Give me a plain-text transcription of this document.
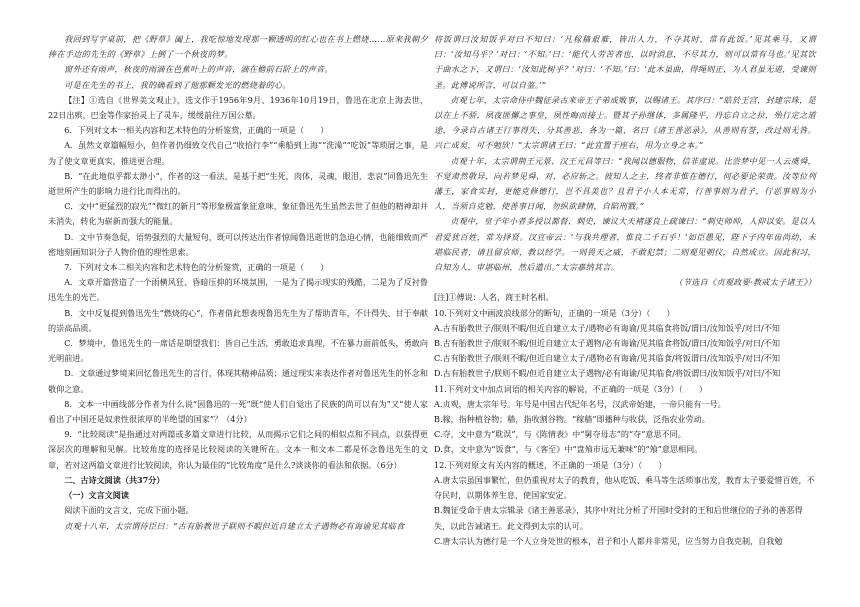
我回到写字桌前，把《野草》阖上，我吃惊地发现那一颗透明的红心也在书上燃烧……原来我朝夕捧在手边的先生的《野草》上倒了一个秋夜的梦。

窗外还有雨声，秋夜的雨滴在芭蕉叶上的声音，滴在檐前石阶上的声音。

可是在先生的书上，我的确看到了他那颗发光的燃烧着的心。

【注】①选自《世界美文观止》，选文作于1956年9月、1936年10月19日，鲁迅在北京上海去世，22日出殡，巴金等作家抬灵上了灵车，缓缓前往万国公墓。

6．下列对文本一相关内容和艺术特色的分析鉴赏，正确的一项是（　　）

A．虽然文章篇幅短小，但作者仍细致交代自己“收拾行李”“乘船到上海”“洗澡”“吃饭”等琐屑之事，是为了使文章更真实，推进更合理。

B．“在此地似乎都太渺小”，作者的这一看法，是基于把“生死，肉体，灵魂，眼泪，悲哀”同鲁迅先生逝世所产生的影响力进行比而得出的。

C．文中“更猛烈的寂光”“微红的新月”等形象极富象征意味，象征鲁迅先生虽然去世了但他的精神却并未消失，转化为崭新而强大的能量。

D．文中节奏急促，语势强烈的大量短句，既可以传达出作者惊闻鲁迅逝世的急迫心情，也能细致而严密地刻画知识分子人物价值的理性思索。

7．下列对文本二相关内容和艺术特色的分析鉴赏，正确的一项是（　　）

A．文章开篇营造了一个雨横风狂、昏暗压抑的环境氛围，一是为了揭示现实的残酷，二是为了反衬鲁迅先生的光芒。

B．文中反复提到鲁迅先生“燃烧的心”，作者借此想表现鲁迅先生为了帮助青年，不计得失、甘于奉献的崇高品质。

C．梦境中，鲁迅先生的一席话是期望我们：皆自己生活，勇敢追求真理，不在暴力面前低头，勇敢向光明前进。

D．文章通过梦境来回忆鲁迅先生的言行，体现其精神品质；通过现实来表达作者对鲁迅先生的怀念和敬仰之意。

8．文本一中画线部分作者为什么说“因鲁迅的一死”既“使人们自觉出了民族的尚可以有为”又“使人家看出了中国还是奴隶性很浓厚的半绝望的国家”？（4分）

9．“比较阅读”是指通过对两篇或多篇文章进行比较，从而揭示它们之间的相似点和不同点，以获得更深层次的理解和见解。比较角度的选择是比较阅读的关键所在。文本一和文本二都是怀念鲁迅先生的文章，若对这两篇文章进行比较阅读，你认为最佳的“比较角度”是什么?谈谈你的看法和依据。（6分）

二、古诗文阅读（共37分）

（一）文言文阅读

阅读下面的文言文，完成下面小题。

贞观十八年，太宗谓侍臣曰：“古有胎教世子联则不暇但近自建立太子遇物必有诲谕见其临食

将饭谓曰汝知饭乎对曰不知曰：‘凡稼穑艰难，皆出人力，不夺其时，常有此饭。’见其乘马，又谓曰：‘汝知马乎？’对曰：‘不知。’曰：‘能代人劳苦者也，以时消息，不尽其力，则可以常有马也。’见其饮于曲水之下，又谓曰：‘汝知此树乎？’对曰：‘不知。’曰：‘此木虽曲，得绳则正，为人君虽无道，受谏则圣。此傅说所言，可以自鉴。’”

贞观七年，太宗命侍中魏征录古来帝王子弟成败事，以赐诸王。其序曰：“皓於王宫，封建宗珠，是以在上不骄，夙夜匪懈之事皇，夙性晦而接士。暨其子孙继体，多属隆平，丹忘自立之拉，殆行定之道途，今录自古诸王行事得失，分其善恶，各为一篇，名曰《诸王善恶录》，从善则有誉，改过则无咎。兴亡成矣，可不勉欤！”太宗谓诸王曰：“此宜置于座右，用为立身之本。”

贞观十年，太宗谓荆王元景、汉王元昌等曰：“我闻以德服物，信非虚说。比尝梦中见一人云虞舜，不觉肃然敬异，向若梦见舜、对，必应斩之。彼知人之主，终者非惟在德行，何必要论荣贵。汝等位列藩王，家食实封，更能克修德行，岂不具美也？且君子小人本无常，行善事则为君子，行恶事则为小人，当须自克勉，使善事日闻，勿纵欲肆情，自陷刑戮。”

贞观中，皇子年小者多授以都督、刺史，谏议大夫褚遂良上疏谏曰：“刺史师帅，人仰以安。是以人君爱犹百姓，常为择贤。汉宣帝云：‘与我共理者，惟良二千石乎！’如臣愚见，陛下子内年齿尚幼，未堪临民者，请且留京师，教以经学。一则畏天之威，不敢犯禁；二则观见朝仪，自然成立。因此积习，自知为人，审堪临州，然后遣出。”太宗嘉纳其言。

（节选自《贞观政要·教戒太子诸王》）

[注]①傅说：人名，商王时名相。

10.下列对文中画波浪线部分的断句，正确的一项是（3分）（　　）

A.古有胎教世子/朕则不暇/但近自建立太子/遇物必有诲谕/见其临食将饭/谓曰/汝知饭乎/对曰/不知

B.古有胎教世子/朕则不暇/但近自建立太子遇物/必有诲谕/见其临食将饭/谓曰/汝知饭乎/对曰/不知

C.古有胎教世子/朕则不暇/但近自建立太子/遇物必有诲谕/见其临食/将饭谓曰/汝知饭乎/对曰/不知

D.古有胎教世子/朕则不暇/但近自建立太子遇物/必有诲谕/见其临食/将饭谓曰/汝知饭乎/对曰/不知

11.下列对文中加点词语的相关内容的解说，不正确的一项是（3分）（　　）

A.贞观，唐太宗年号。年号是中国古代纪年名号，汉武帝始建，一帝只能有一号。

B.稼，指种植谷物；穑，指收割谷物。“稼穑”即播种与收获，泛指农业劳动。

C.夺，文中意为“耽误”，与《陈情表》中“舅夺母志”的“夺”意思不同。

D.食，文中意为“饭食”，与《客至》中“盘飧市远无兼味”的“飧”意思相同。

12.下列对原文有关内容的概述，不正确的一项是（3分）（　　）

A.唐太宗虽国事繁忙，但仍重视对太子的教育，他从吃饭、乘马等生活琐事出发，教育太子要爱惜百姓，不夺民时，以期体养生息，使国家安定。

B.魏征受命于唐太宗辑录《诸王善恶录》，其序中对比分析了开国时受封的王和后世继位的子孙的善恶得失，以此告诫诸王。此文得到太宗的认可。

C.唐太宗认为德行是一个人立身处世的根本，君子和小人都并非常见，应当努力自我克制，自我勉
